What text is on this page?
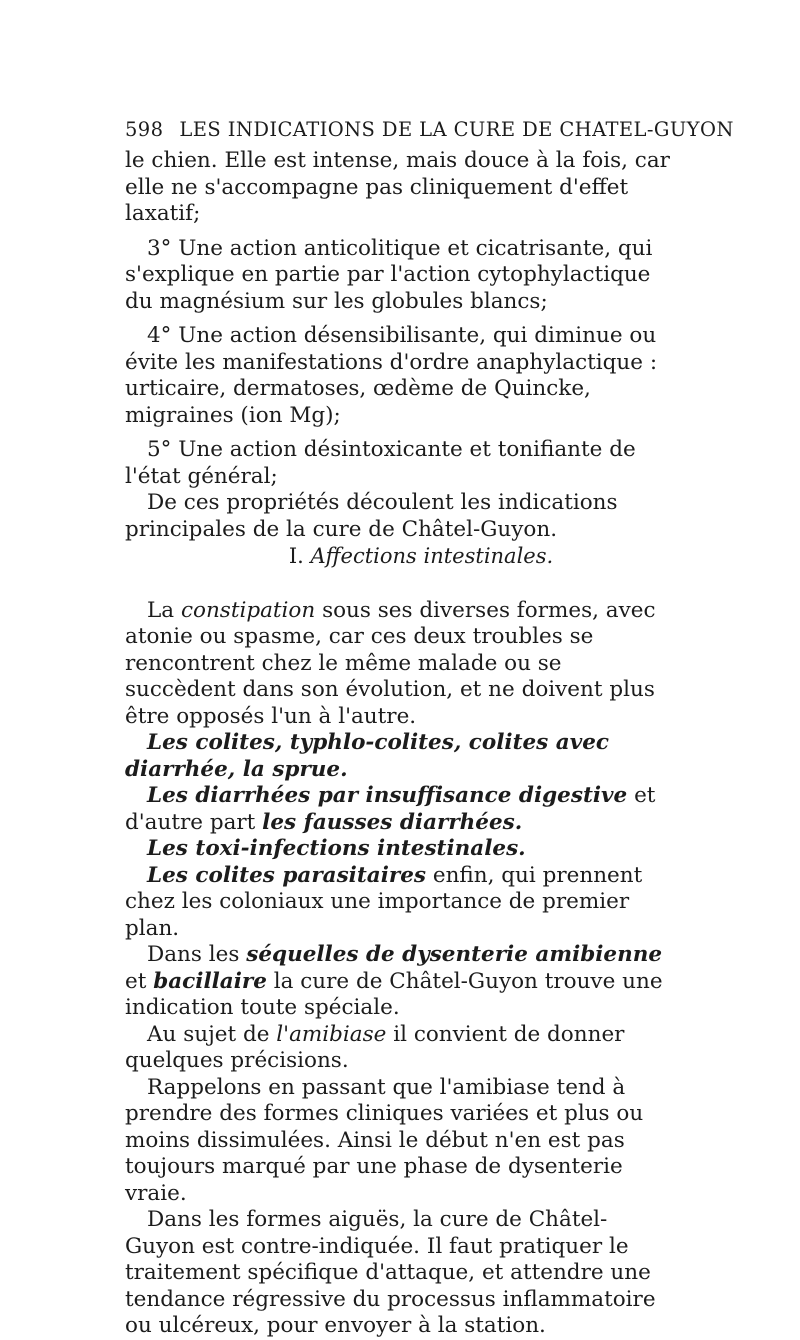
598 LES INDICATIONS DE LA CURE DE CHATEL-GUYON

le chien. Elle est intense, mais douce à la fois, car elle ne s'accompagne pas cliniquement d'effet laxatif;

3° Une action anticolitique et cicatrisante, qui s'explique en partie par l'action cytophylactique du magnésium sur les globules blancs;

4° Une action désensibilisante, qui diminue ou évite les manifestations d'ordre anaphylactique : urticaire, dermatoses, œdème de Quincke, migraines (ion Mg);

5° Une action désintoxicante et tonifiante de l'état général;

De ces propriétés découlent les indications principales de la cure de Châtel-Guyon.

I. Affections intestinales.

La constipation sous ses diverses formes, avec atonie ou spasme, car ces deux troubles se rencontrent chez le même malade ou se succèdent dans son évolution, et ne doivent plus être opposés l'un à l'autre.

Les colites, typhlo-colites, colites avec diarrhée, la sprue.

Les diarrhées par insuffisance digestive et d'autre part les fausses diarrhées.

Les toxi-infections intestinales.

Les colites parasitaires enfin, qui prennent chez les coloniaux une importance de premier plan.

Dans les séquelles de dysenterie amibienne et bacillaire la cure de Châtel-Guyon trouve une indication toute spéciale.

Au sujet de l'amibiase il convient de donner quelques précisions.

Rappelons en passant que l'amibiase tend à prendre des formes cliniques variées et plus ou moins dissimulées. Ainsi le début n'en est pas toujours marqué par une phase de dysenterie vraie.

Dans les formes aiguës, la cure de Châtel-Guyon est contre-indiquée. Il faut pratiquer le traitement spécifique d'attaque, et attendre une tendance régressive du processus inflammatoire ou ulcéreux, pour envoyer à la station.
